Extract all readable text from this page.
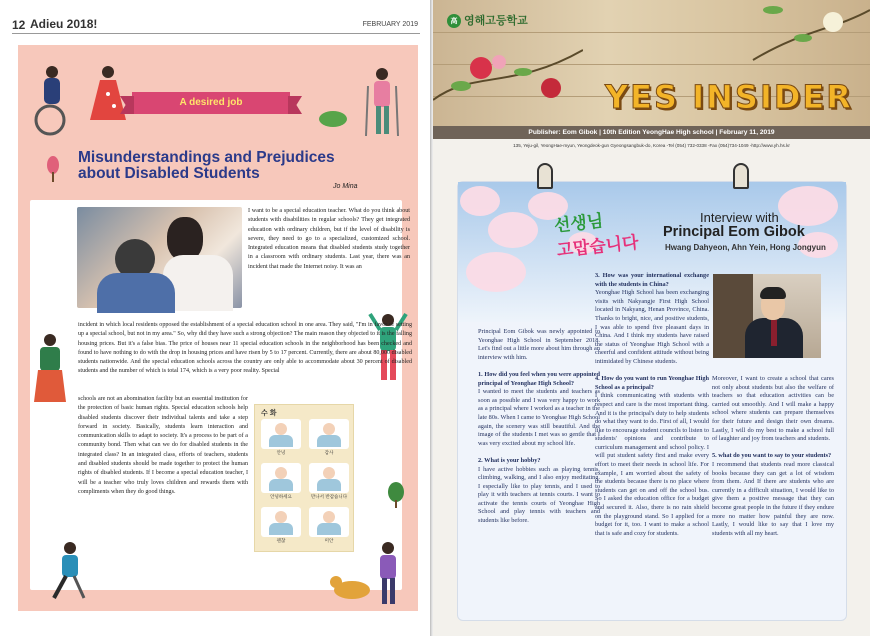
12 Adieu 2018!	FEBRUARY 2019
A desired job
Misunderstandings and Prejudices about Disabled Students
Jo Mina

I want to be a special education teacher. What do you think about students with disabilities in regular schools? They get integrated education with ordinary children, but if the level of disability is severe, they need to go to a specialized, customized school. Integrated education means that disabled students study together in a classroom with ordinary students. Last year, there was an incident that made the Internet noisy. It was an

incident in which local residents opposed the establishment of a special education school in one area. They said, "I'm in favor of setting up a special school, but not in my area." So, why did they have such a strong objection? The main reason they objected to it is the falling housing prices. But it's a false bias. The price of houses near 11 special education schools in the neighborhood has been checked and found to have nothing to do with the drop in housing prices and have risen by 5 to 17 percent. Currently, there are about 80,000 disabled students nationwide. And the special education schools across the country are only able to accommodate about 30 percent of disabled students and the number of which is total 174, which is a very poor reality. Special

schools are not an abomination facility but an essential institution for the protection of basic human rights. Special education schools help disabled students discover their individual talents and take a step forward in society. Basically, students learn interaction and communication skills to adapt to society. It's a process to be part of a community bond. Then what can we do for disabled students in the integrated class? In an integrated class, efforts of teachers, students and disabled students should be made together to protect the human rights of disabled students. If I become a special education teacher, I will be a teacher who truly loves children and rewards them with compliments when they do good things.

수 화
안녕	감사
안녕하세요	만나서 반갑습니다
괜찮	미안
高 영해고등학교
YES INSIDER
Publisher: Eom Gibok | 10th Edition YeongHae High school | February 11, 2019
135, Yeju-gil, YeongHae-myun, Yeongdeok-gun Gyeongsangbuk-do, Korea -Tel (054) 732-0338 -Fax (054)734-1049 -http://www.yh.hs.kr
선생님
고맙습니다
Interview with
Principal Eom Gibok
Hwang Dahyeon, Ahn Yein, Hong Jongyun

Principal Eom Gibok was newly appointed to Yeonghae High School in September 2018. Let's find out a little more about him through an interview with him.

1. How did you feel when you were appointed principal of Yeonghae High School?

I wanted to meet the students and teachers as soon as possible and I was very happy to work as a principal where I worked as a teacher in the late 80s. When I came to Yeonghae High School again, the scenery was still beautiful. And the image of the students I met was so gentle that I was very excited about my school life.

2. What is your hobby?

I have active hobbies such as playing tennis, climbing, walking, and I also enjoy meditating. I especially like to play tennis, and I used to play it with teachers at tennis courts. I want to activate the tennis courts of Yeonghae High School and play tennis with teachers and students like before.

3. How was your international exchange with the students in China?

Yeonghae High School has been exchanging visits with Nakyangje First High School located in Nakyang, Henan Province, China. Thanks to bright, nice, and positive students, I was able to spend five pleasant days in China. And I think my students have raised the status of Yeonghae High School with a cheerful and confident attitude without being intimidated by Chinese students.

4. How do you want to run Yeonghae High School as a principal?

I think communicating with students with respect and care is the most important thing. And it is the principal's duty to help students do what they want to do. First of all, I would like to encourage student councils to listen to students' opinions and contribute to curriculum management and school policy. I will put student safety first and make every effort to meet their needs in school life. For example, I am worried about the safety of the students because there is no place where students can get on and off the school bus. So I asked the education office for a budget and secured it. Also, there is no rain shield on the playground stand. So I applied for a budget for it, too. I want to make a school that is safe and cozy for students.

Moreover, I want to create a school that cares not only about students but also the welfare of teachers so that education activities can be carried out smoothly. And I will make a happy school where students can prepare themselves for their future and design their own dreams. Lastly, I will do my best to make a school full of laughter and joy from teachers and students.

5. what do you want to say to your students?

I recommend that students read more classical books because they can get a lot of wisdom from them. And If there are students who are currently in a difficult situation, I would like to give them a positive message that they can become great people in the future if they endure more no matter how painful they are now. Lastly, I would like to say that I love my students with all my heart.
